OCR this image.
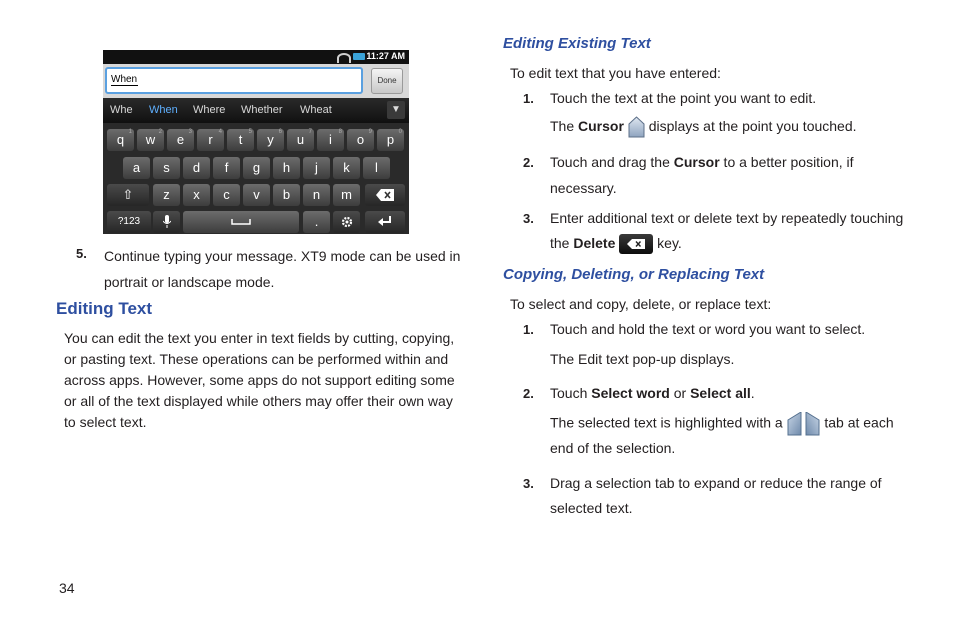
11:27 AM
When	Done
Whe When Where Whether Wheat	▼
q 1	w 2	e 3	r 4	t 5	y 6	u 7	i 8	o 9	p 0
a	s	d	f	g	h	j	k	l
⇧	z	x	c	v	b	n	m
?123	.
5. Continue typing your message. XT9 mode can be used in portrait or landscape mode.
Editing Text
You can edit the text you enter in text fields by cutting, copying, or pasting text. These operations can be performed within and across apps. However, some apps do not support editing some or all of the text displayed while others may offer their own way to select text.
Editing Existing Text
To edit text that you have entered:
1. Touch the text at the point you want to edit.
The Cursor  displays at the point you touched.
2. Touch and drag the Cursor to a better position, if
necessary.
3. Enter additional text or delete text by repeatedly touching
the Delete	key.
Copying, Deleting, or Replacing Text
To select and copy, delete, or replace text:
1. Touch and hold the text or word you want to select.
The Edit text pop-up displays.
2. Touch Select word or Select all.
The selected text is highlighted with a   tab at each
end of the selection.
3. Drag a selection tab to expand or reduce the range of
selected text.
34
